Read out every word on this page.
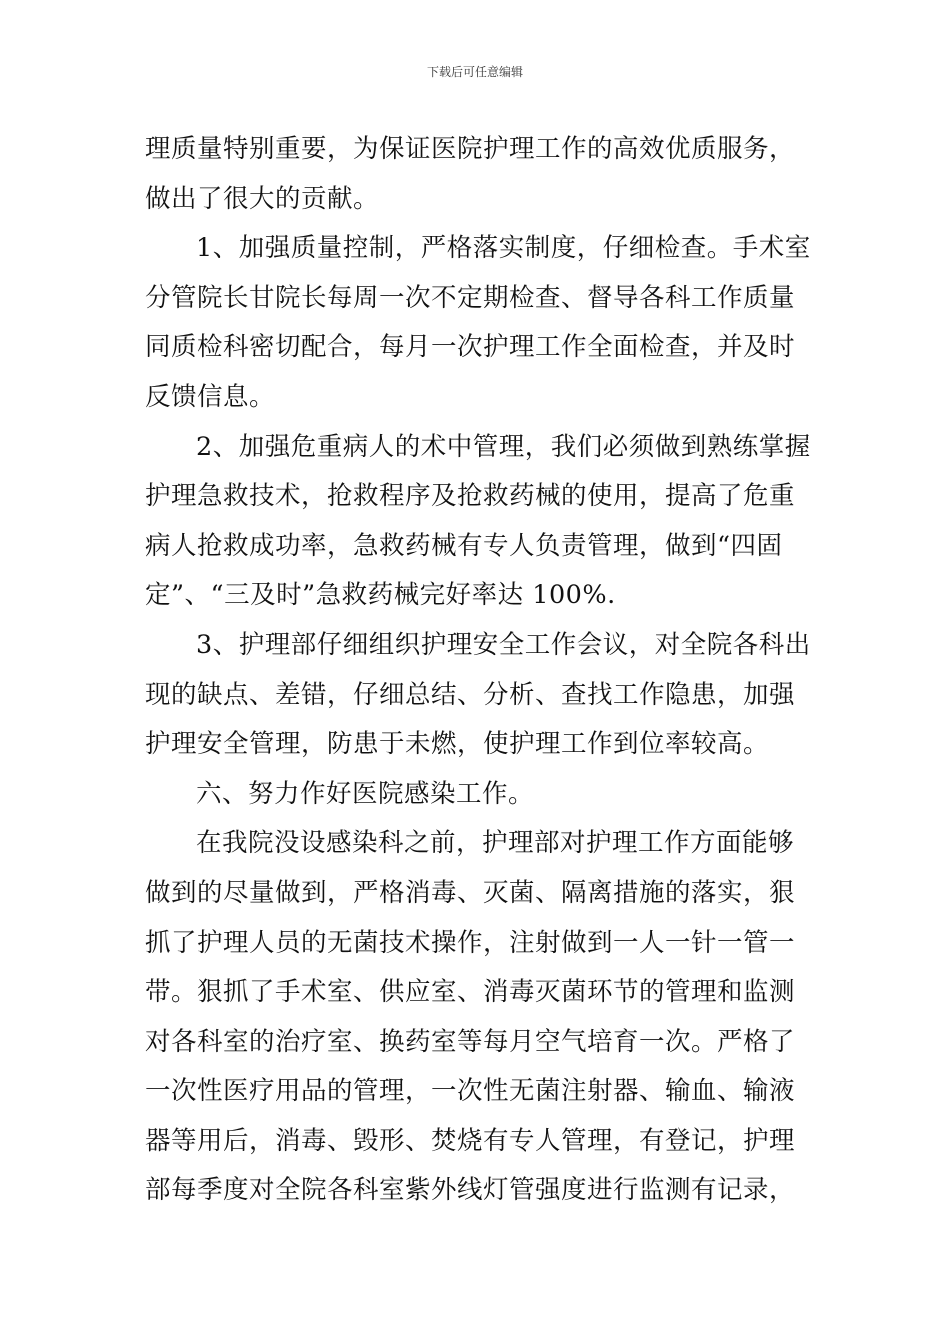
下载后可任意编辑
理质量特别重要，为保证医院护理工作的高效优质服务，
做出了很大的贡献。
1、加强质量控制，严格落实制度，仔细检查。手术室
分管院长甘院长每周一次不定期检查、督导各科工作质量
同质检科密切配合，每月一次护理工作全面检查，并及时
反馈信息。
2、加强危重病人的术中管理，我们必须做到熟练掌握
护理急救技术，抢救程序及抢救药械的使用，提高了危重
病人抢救成功率，急救药械有专人负责管理，做到“四固
定”、“三及时”急救药械完好率达 100%.
3、护理部仔细组织护理安全工作会议，对全院各科出
现的缺点、差错，仔细总结、分析、查找工作隐患，加强
护理安全管理，防患于未燃，使护理工作到位率较高。
六、努力作好医院感染工作。
在我院没设感染科之前，护理部对护理工作方面能够
做到的尽量做到，严格消毒、灭菌、隔离措施的落实，狠
抓了护理人员的无菌技术操作，注射做到一人一针一管一
带。狠抓了手术室、供应室、消毒灭菌环节的管理和监测
对各科室的治疗室、换药室等每月空气培育一次。严格了
一次性医疗用品的管理，一次性无菌注射器、输血、输液
器等用后，消毒、毁形、焚烧有专人管理，有登记，护理
部每季度对全院各科室紫外线灯管强度进行监测有记录，
